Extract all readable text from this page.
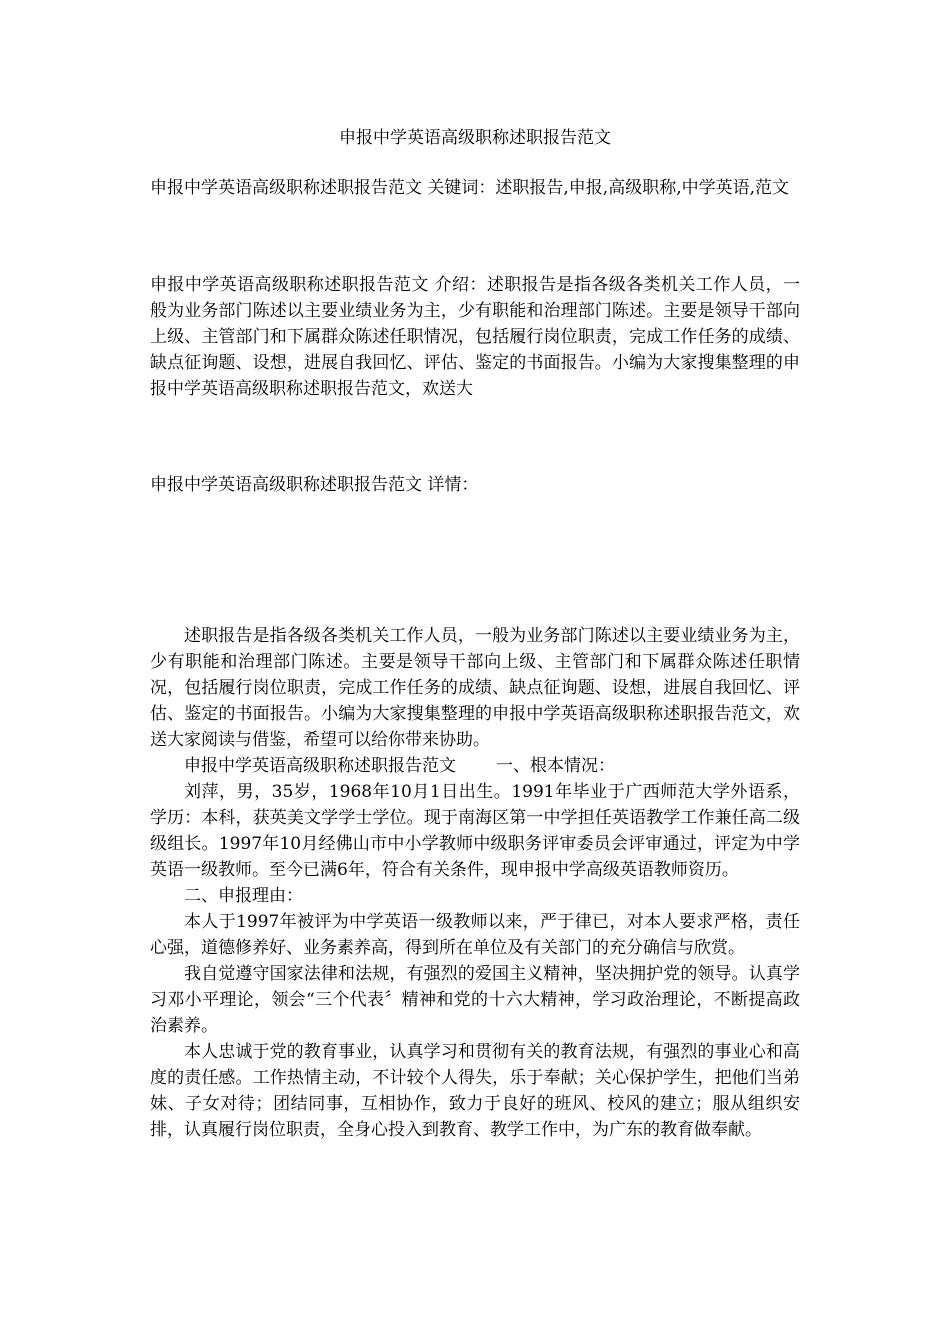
申报中学英语高级职称述职报告范文

申报中学英语高级职称述职报告范文 关键词：述职报告,申报,高级职称,中学英语,范文

申报中学英语高级职称述职报告范文 介绍：述职报告是指各级各类机关工作人员，一般为业务部门陈述以主要业绩业务为主，少有职能和治理部门陈述。主要是领导干部向上级、主管部门和下属群众陈述任职情况，包括履行岗位职责，完成工作任务的成绩、缺点征询题、设想，进展自我回忆、评估、鉴定的书面报告。小编为大家搜集整理的申报中学英语高级职称述职报告范文，欢送大

申报中学英语高级职称述职报告范文 详情：

述职报告是指各级各类机关工作人员，一般为业务部门陈述以主要业绩业务为主，少有职能和治理部门陈述。主要是领导干部向上级、主管部门和下属群众陈述任职情况，包括履行岗位职责，完成工作任务的成绩、缺点征询题、设想，进展自我回忆、评估、鉴定的书面报告。小编为大家搜集整理的申报中学英语高级职称述职报告范文，欢送大家阅读与借鉴，希望可以给你带来协助。

申报中学英语高级职称述职报告范文 一、根本情况：

刘萍，男，35岁，1968年10月1日出生。1991年毕业于广西师范大学外语系，学历：本科，获英美文学学士学位。现于南海区第一中学担任英语教学工作兼任高二级级组长。1997年10月经佛山市中小学教师中级职务评审委员会评审通过，评定为中学英语一级教师。至今已满6年，符合有关条件，现申报中学高级英语教师资历。

二、申报理由：

本人于1997年被评为中学英语一级教师以来，严于律已，对本人要求严格，责任心强，道德修养好、业务素养高，得到所在单位及有关部门的充分确信与欣赏。

我自觉遵守国家法律和法规，有强烈的爱国主义精神，坚决拥护党的领导。认真学习邓小平理论，领会“三个代表〞精神和党的十六大精神，学习政治理论，不断提高政治素养。

本人忠诚于党的教育事业，认真学习和贯彻有关的教育法规，有强烈的事业心和高度的责任感。工作热情主动，不计较个人得失，乐于奉献；关心保护学生，把他们当弟妹、子女对待；团结同事，互相协作，致力于良好的班风、校风的建立；服从组织安排，认真履行岗位职责，全身心投入到教育、教学工作中，为广东的教育做奉献。
